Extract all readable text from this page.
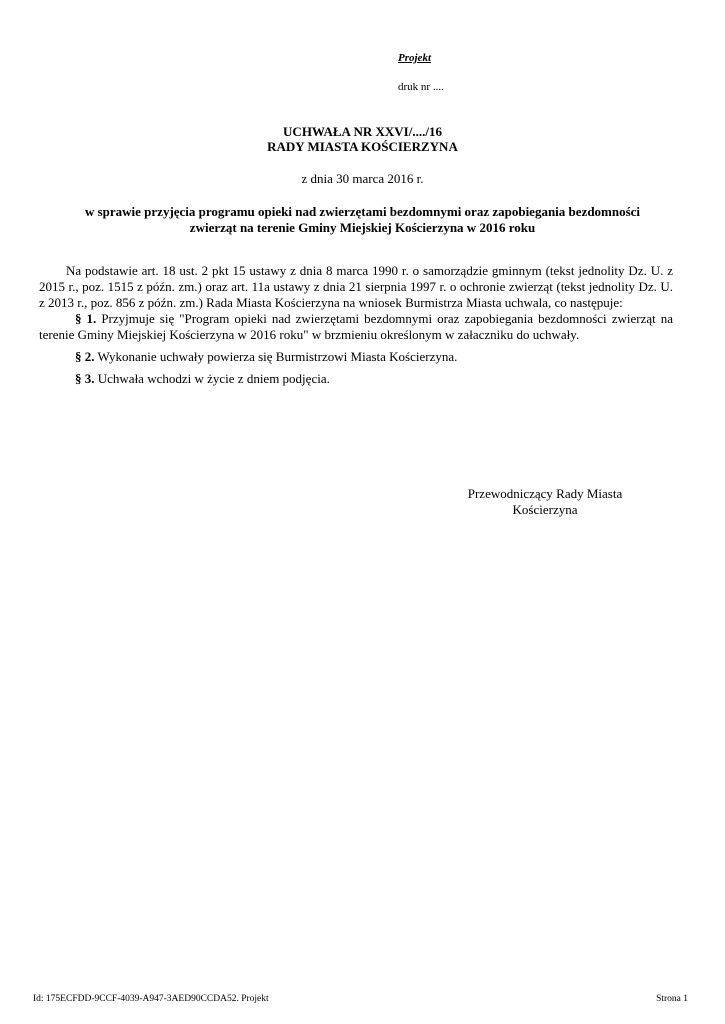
Projekt
druk nr ....
UCHWAŁA NR XXVI/..../16
RADY MIASTA KOŚCIERZYNA
z dnia 30 marca 2016 r.
w sprawie przyjęcia programu opieki nad zwierzętami bezdomnymi oraz zapobiegania bezdomności
zwierząt na terenie Gminy Miejskiej Kościerzyna w 2016 roku

Na podstawie art. 18 ust. 2 pkt 15 ustawy z dnia 8 marca 1990 r. o samorządzie gminnym (tekst jednolity Dz. U. z 2015 r., poz. 1515 z późn. zm.) oraz art. 11a ustawy z dnia 21 sierpnia 1997 r. o ochronie zwierząt (tekst jednolity Dz. U. z 2013 r., poz. 856 z późn. zm.) Rada Miasta Kościerzyna na wniosek Burmistrza Miasta uchwala, co następuje:

§ 1. Przyjmuje się "Program opieki nad zwierzętami bezdomnymi oraz zapobiegania bezdomności zwierząt na terenie Gminy Miejskiej Kościerzyna w 2016 roku" w brzmieniu określonym w załaczniku do uchwały.

§ 2. Wykonanie uchwały powierza się Burmistrzowi Miasta Kościerzyna.

§ 3. Uchwała wchodzi w życie z dniem podjęcia.

Przewodniczący Rady Miasta
Kościerzyna
Id: 175ECFDD-9CCF-4039-A947-3AED90CCDA52. Projekt	Strona 1
